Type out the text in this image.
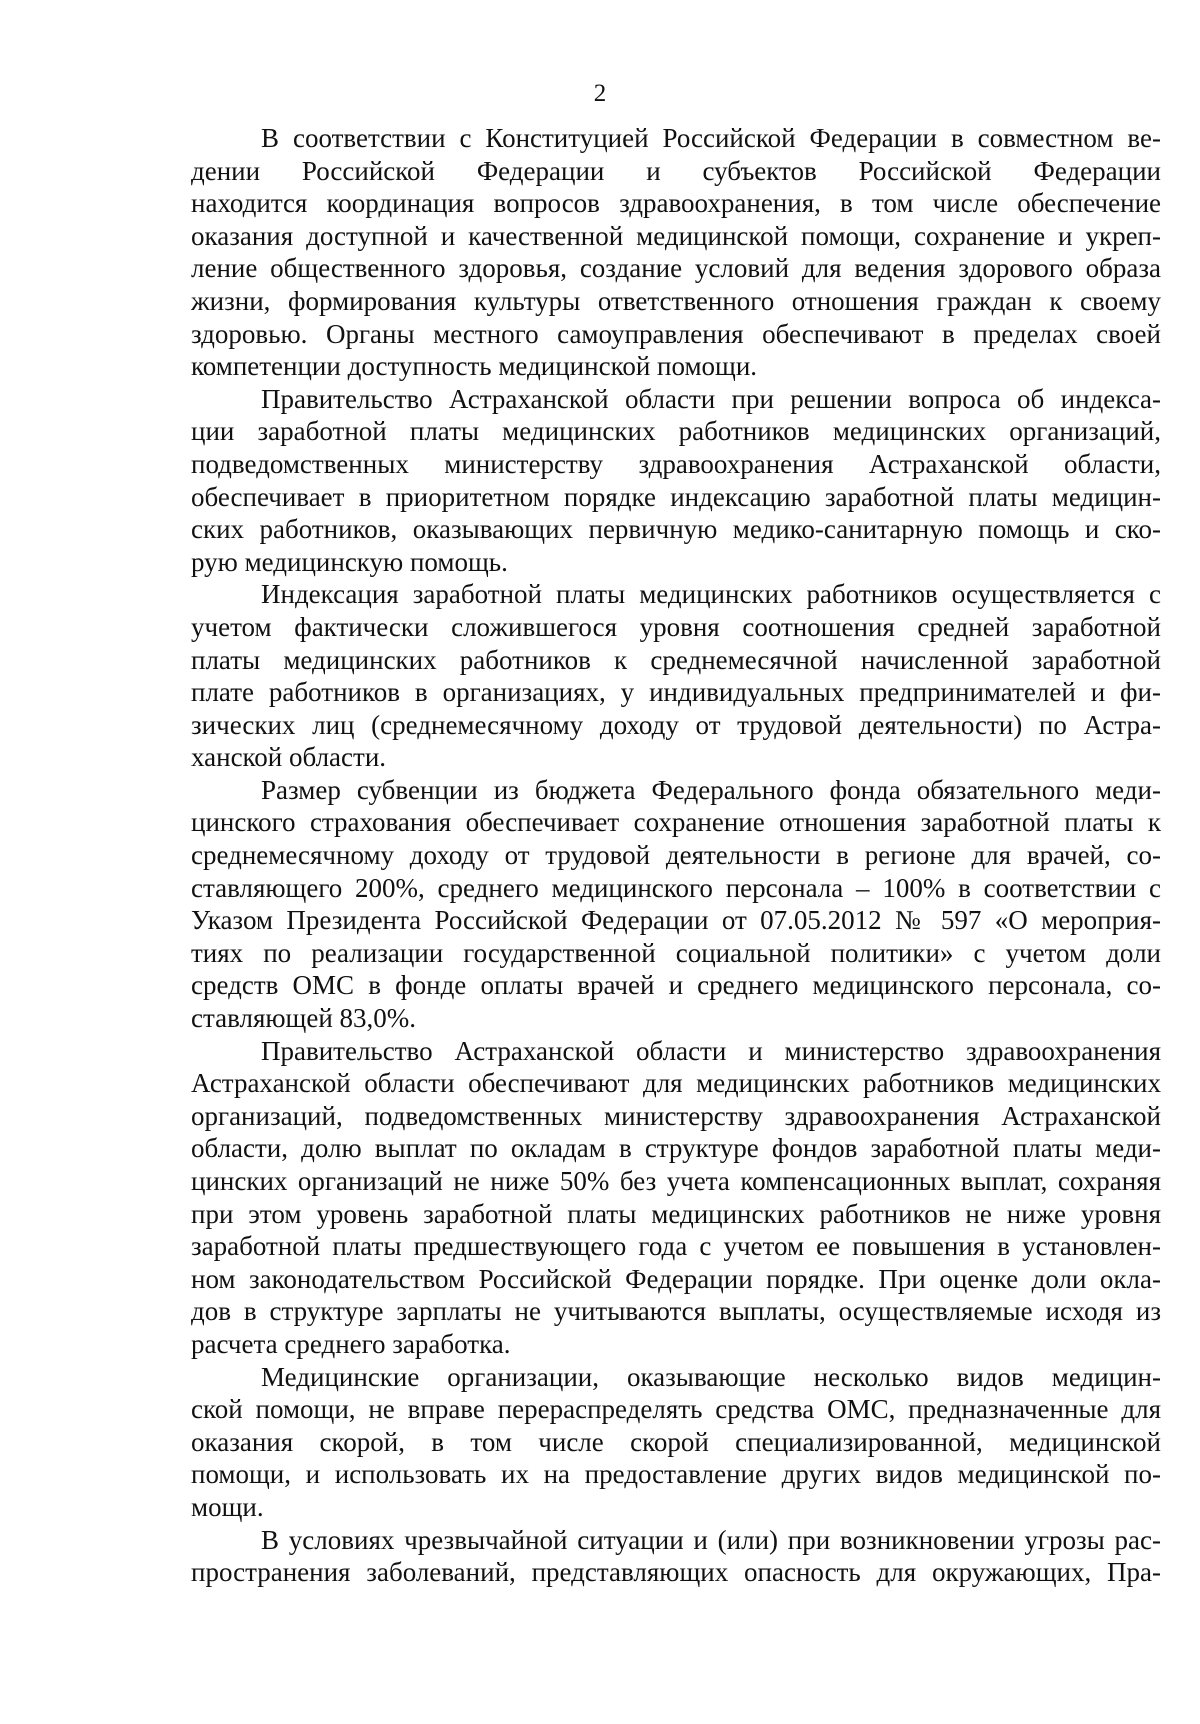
2

В соответствии с Конституцией Российской Федерации в совместном ве-
дении Российской Федерации и субъектов Российской Федерации
находится координация вопросов здравоохранения, в том числе обеспечение
оказания доступной и качественной медицинской помощи, сохранение и укреп-
ление общественного здоровья, создание условий для ведения здорового образа
жизни, формирования культуры ответственного отношения граждан к своему
здоровью. Органы местного самоуправления обеспечивают в пределах своей
компетенции доступность медицинской помощи.

Правительство Астраханской области при решении вопроса об индекса-
ции заработной платы медицинских работников медицинских организаций,
подведомственных министерству здравоохранения Астраханской области,
обеспечивает в приоритетном порядке индексацию заработной платы медицин-
ских работников, оказывающих первичную медико-санитарную помощь и ско-
рую медицинскую помощь.

Индексация заработной платы медицинских работников осуществляется с
учетом фактически сложившегося уровня соотношения средней заработной
платы медицинских работников к среднемесячной начисленной заработной
плате работников в организациях, у индивидуальных предпринимателей и фи-
зических лиц (среднемесячному доходу от трудовой деятельности) по Астра-
ханской области.

Размер субвенции из бюджета Федерального фонда обязательного меди-
цинского страхования обеспечивает сохранение отношения заработной платы к
среднемесячному доходу от трудовой деятельности в регионе для врачей, со-
ставляющего 200%, среднего медицинского персонала – 100% в соответствии с
Указом Президента Российской Федерации от 07.05.2012 № 597 «О мероприя-
тиях по реализации государственной социальной политики» с учетом доли
средств ОМС в фонде оплаты врачей и среднего медицинского персонала, со-
ставляющей 83,0%.

Правительство Астраханской области и министерство здравоохранения
Астраханской области обеспечивают для медицинских работников медицинских
организаций, подведомственных министерству здравоохранения Астраханской
области, долю выплат по окладам в структуре фондов заработной платы меди-
цинских организаций не ниже 50% без учета компенсационных выплат, сохраняя
при этом уровень заработной платы медицинских работников не ниже уровня
заработной платы предшествующего года с учетом ее повышения в установлен-
ном законодательством Российской Федерации порядке. При оценке доли окла-
дов в структуре зарплаты не учитываются выплаты, осуществляемые исходя из
расчета среднего заработка.

Медицинские организации, оказывающие несколько видов медицин-
ской помощи, не вправе перераспределять средства ОМС, предназначенные для
оказания скорой, в том числе скорой специализированной, медицинской
помощи, и использовать их на предоставление других видов медицинской по-
мощи.

В условиях чрезвычайной ситуации и (или) при возникновении угрозы рас-
пространения заболеваний, представляющих опасность для окружающих, Пра-
